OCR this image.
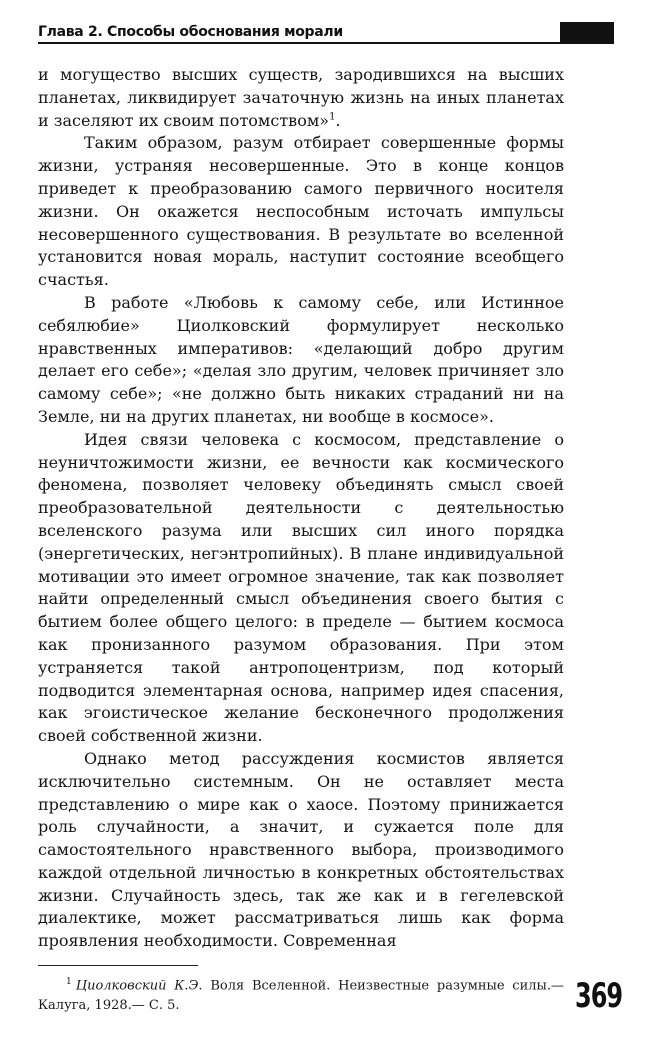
Глава 2. Способы обоснования морали

и могущество высших существ, зародившихся на высших планетах, ликвидирует зачаточную жизнь на иных планетах и заселяют их своим потомством»$^1$.

Таким образом, разум отбирает совершенные формы жизни, устраняя несовершенные. Это в конце концов приведет к преобразованию самого первичного носителя жизни. Он окажется неспособным источать импульсы несовершенного существования. В результате во вселенной установится новая мораль, наступит состояние всеобщего счастья.

В работе «Любовь к самому себе, или Истинное себялюбие» Циолковский формулирует несколько нравственных императивов: «делающий добро другим делает его себе»; «делая зло другим, человек причиняет зло самому себе»; «не должно быть никаких страданий ни на Земле, ни на других планетах, ни вообще в космосе».

Идея связи человека с космосом, представление о неуничтожимости жизни, ее вечности как космического феномена, позволяет человеку объединять смысл своей преобразовательной деятельности с деятельностью вселенского разума или высших сил иного порядка (энергетических, негэнтропийных). В плане индивидуальной мотивации это имеет огромное значение, так как позволяет найти определенный смысл объединения своего бытия с бытием более общего целого: в пределе — бытием космоса как пронизанного разумом образования. При этом устраняется такой антропоцентризм, под который подводится элементарная основа, например идея спасения, как эгоистическое желание бесконечного продолжения своей собственной жизни.

Однако метод рассуждения космистов является исключительно системным. Он не оставляет места представлению о мире как о хаосе. Поэтому принижается роль случайности, а значит, и сужается поле для самостоятельного нравственного выбора, производимого каждой отдельной личностью в конкретных обстоятельствах жизни. Случайность здесь, так же как и в гегелевской диалектике, может рассматриваться лишь как форма проявления необходимости. Современная

$^1$ Циолковский К.Э. Воля Вселенной. Неизвестные разумные силы.— Калуга, 1928.— С. 5.	369
